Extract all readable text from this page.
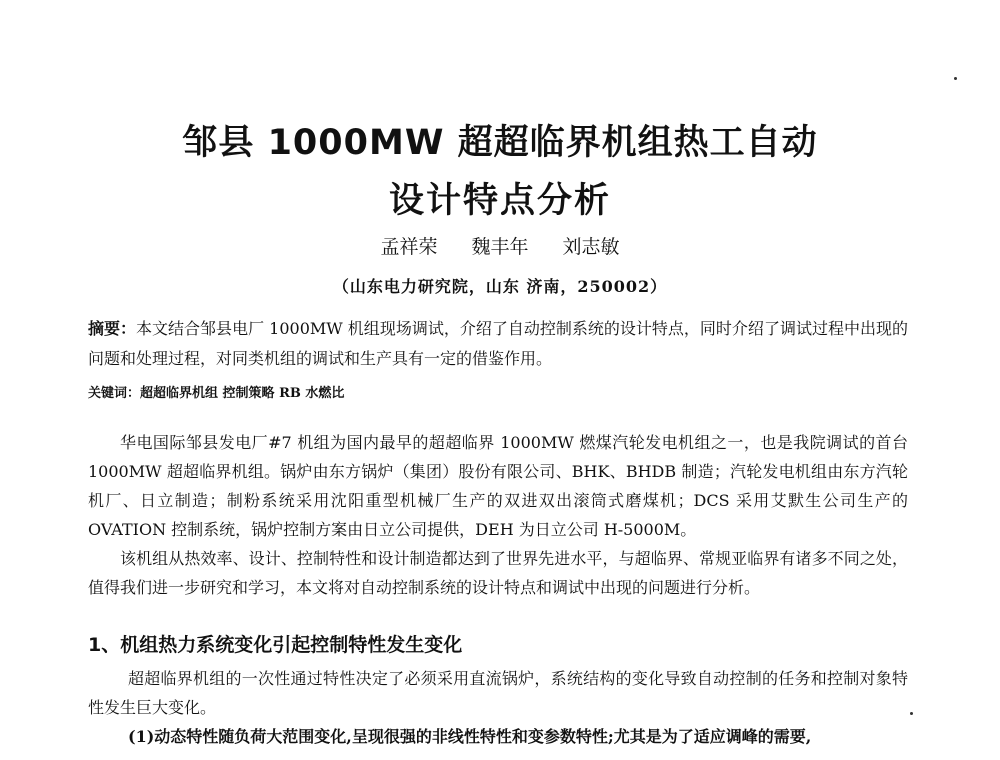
邹县 1000MW 超超临界机组热工自动
设计特点分析
孟祥荣 魏丰年 刘志敏
（山东电力研究院，山东 济南，250002）
摘要：本文结合邹县电厂 1000MW 机组现场调试，介绍了自动控制系统的设计特点，同时介绍了调试过程中出现的问题和处理过程，对同类机组的调试和生产具有一定的借鉴作用。
关键词：超超临界机组 控制策略 RB 水燃比
华电国际邹县发电厂#7 机组为国内最早的超超临界 1000MW 燃煤汽轮发电机组之一，也是我院调试的首台 1000MW 超超临界机组。锅炉由东方锅炉（集团）股份有限公司、BHK、BHDB 制造；汽轮发电机组由东方汽轮机厂、日立制造；制粉系统采用沈阳重型机械厂生产的双进双出滚筒式磨煤机；DCS 采用艾默生公司生产的 OVATION 控制系统，锅炉控制方案由日立公司提供，DEH 为日立公司 H-5000M。
该机组从热效率、设计、控制特性和设计制造都达到了世界先进水平，与超临界、常规亚临界有诸多不同之处，值得我们进一步研究和学习，本文将对自动控制系统的设计特点和调试中出现的问题进行分析。
1、机组热力系统变化引起控制特性发生变化
超超临界机组的一次性通过特性决定了必须采用直流锅炉，系统结构的变化导致自动控制的任务和控制对象特性发生巨大变化。
(1)动态特性随负荷大范围变化,呈现很强的非线性特性和变参数特性;尤其是为了适应调峰的需要,
